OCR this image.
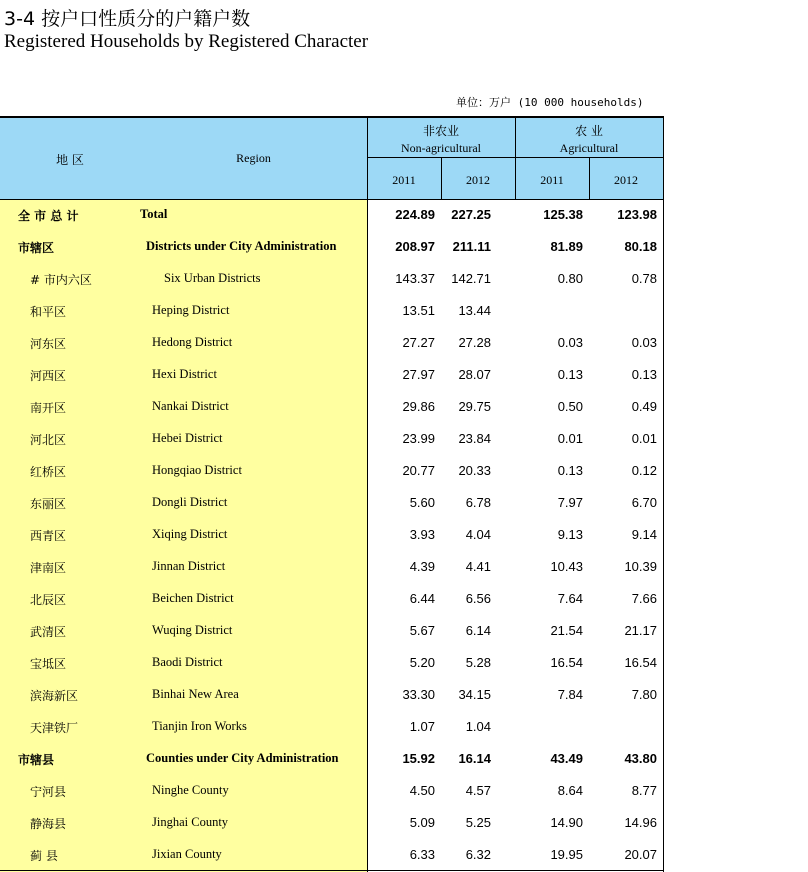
3-4 按户口性质分的户籍户数
Registered Households by Registered Character
单位：万户 (10 000 households)
地 区	Region
非农业
Non-agricultural
农 业
Agricultural
2011	2012	2011	2012
全 市 总 计	Total	224.89	227.25	125.38	123.98
市辖区	Districts under City Administration	208.97	211.11	81.89	80.18
# 市内六区	Six Urban Districts	143.37	142.71	0.80	0.78
和平区	Heping District	13.51	13.44
河东区	Hedong District	27.27	27.28	0.03	0.03
河西区	Hexi District	27.97	28.07	0.13	0.13
南开区	Nankai District	29.86	29.75	0.50	0.49
河北区	Hebei District	23.99	23.84	0.01	0.01
红桥区	Hongqiao District	20.77	20.33	0.13	0.12
东丽区	Dongli District	5.60	6.78	7.97	6.70
西青区	Xiqing District	3.93	4.04	9.13	9.14
津南区	Jinnan District	4.39	4.41	10.43	10.39
北辰区	Beichen District	6.44	6.56	7.64	7.66
武清区	Wuqing District	5.67	6.14	21.54	21.17
宝坻区	Baodi District	5.20	5.28	16.54	16.54
滨海新区	Binhai New Area	33.30	34.15	7.84	7.80
天津铁厂	Tianjin Iron Works	1.07	1.04
市辖县	Counties under City Administration	15.92	16.14	43.49	43.80
宁河县	Ninghe County	4.50	4.57	8.64	8.77
静海县	Jinghai County	5.09	5.25	14.90	14.96
蓟 县	Jixian County	6.33	6.32	19.95	20.07
